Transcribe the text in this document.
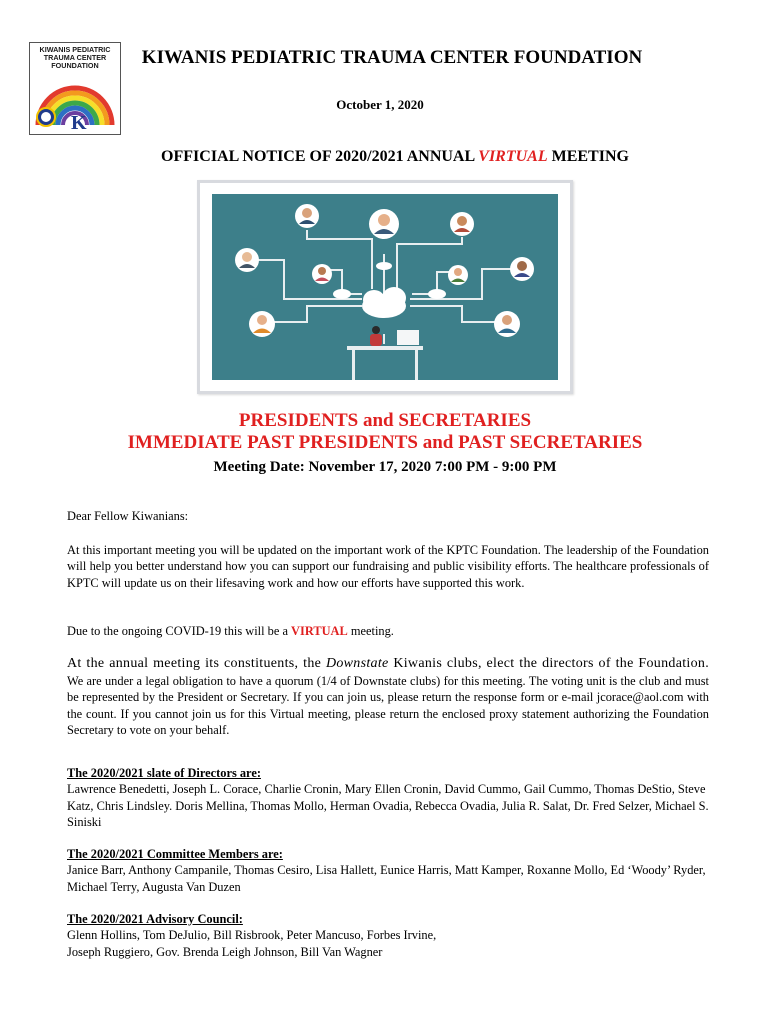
KIWANIS PEDIATRIC
TRAUMA CENTER
FOUNDATION
K
KIWANIS PEDIATRIC TRAUMA CENTER FOUNDATION
October 1, 2020
OFFICIAL NOTICE OF 2020/2021 ANNUAL VIRTUAL MEETING
PRESIDENTS and SECRETARIES
IMMEDIATE PAST PRESIDENTS and PAST SECRETARIES
Meeting Date: November 17, 2020 7:00 PM - 9:00 PM
Dear Fellow Kiwanians:
At this important meeting you will be updated on the important work of the KPTC Foundation. The leadership of the Foundation will help you better understand how you can support our fundraising and public visibility efforts. The healthcare professionals of KPTC will update us on their lifesaving work and how our efforts have supported this work.
Due to the ongoing COVID-19 this will be a VIRTUAL meeting.
At the annual meeting its constituents, the Downstate Kiwanis clubs, elect the directors of the Foundation. We are under a legal obligation to have a quorum (1/4 of Downstate clubs) for this meeting. The voting unit is the club and must be represented by the President or Secretary. If you can join us, please return the response form or e-mail jcorace@aol.com with the count. If you cannot join us for this Virtual meeting, please return the enclosed proxy statement authorizing the Foundation Secretary to vote on your behalf.
The 2020/2021 slate of Directors are:
Lawrence Benedetti, Joseph L. Corace, Charlie Cronin, Mary Ellen Cronin, David Cummo, Gail Cummo, Thomas DeStio, Steve Katz, Chris Lindsley. Doris Mellina, Thomas Mollo, Herman Ovadia, Rebecca Ovadia, Julia R. Salat, Dr. Fred Selzer, Michael S. Siniski
The 2020/2021 Committee Members are:
Janice Barr, Anthony Campanile, Thomas Cesiro, Lisa Hallett, Eunice Harris, Matt Kamper, Roxanne Mollo, Ed ‘Woody’ Ryder, Michael Terry, Augusta Van Duzen
The 2020/2021 Advisory Council:
Glenn Hollins, Tom DeJulio, Bill Risbrook, Peter Mancuso, Forbes Irvine,
Joseph Ruggiero, Gov. Brenda Leigh Johnson, Bill Van Wagner
